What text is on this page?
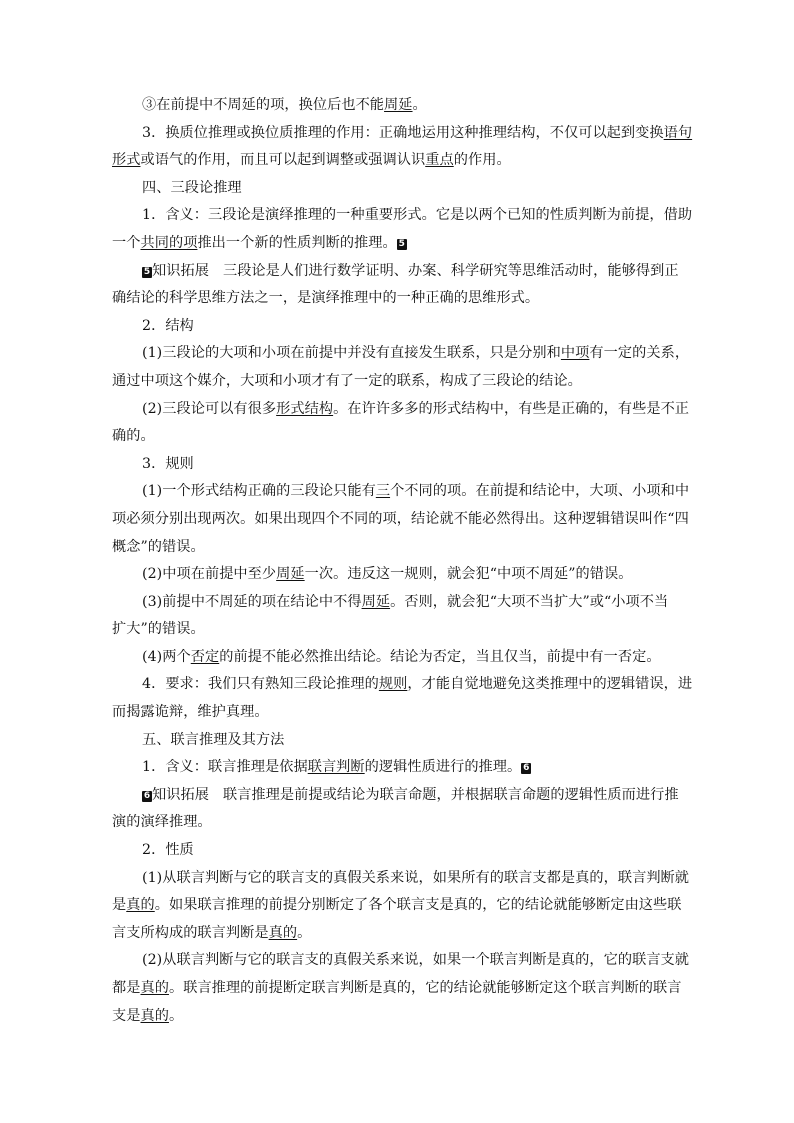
③在前提中不周延的项，换位后也不能周延。
3．换质位推理或换位质推理的作用：正确地运用这种推理结构，不仅可以起到变换语句
形式或语气的作用，而且可以起到调整或强调认识重点的作用。
四、三段论推理
1．含义：三段论是演绎推理的一种重要形式。它是以两个已知的性质判断为前提，借助
一个共同的项推出一个新的性质判断的推理。 5
5 知识拓展 三段论是人们进行数学证明、办案、科学研究等思维活动时，能够得到正
确结论的科学思维方法之一，是演绎推理中的一种正确的思维形式。
2．结构
(1)三段论的大项和小项在前提中并没有直接发生联系，只是分别和中项有一定的关系，
通过中项这个媒介，大项和小项才有了一定的联系，构成了三段论的结论。
(2)三段论可以有很多形式结构。在许许多多的形式结构中，有些是正确的，有些是不正
确的。
3．规则
(1)一个形式结构正确的三段论只能有三个不同的项。在前提和结论中，大项、小项和中
项必须分别出现两次。如果出现四个不同的项，结论就不能必然得出。这种逻辑错误叫作“四
概念”的错误。
(2)中项在前提中至少周延一次。违反这一规则，就会犯“中项不周延”的错误。
(3)前提中不周延的项在结论中不得周延。否则，就会犯“大项不当扩大”或“小项不当
扩大”的错误。
(4)两个否定的前提不能必然推出结论。结论为否定，当且仅当，前提中有一否定。
4．要求：我们只有熟知三段论推理的规则，才能自觉地避免这类推理中的逻辑错误，进
而揭露诡辩，维护真理。
五、联言推理及其方法
1．含义：联言推理是依据联言判断的逻辑性质进行的推理。 6
6 知识拓展 联言推理是前提或结论为联言命题，并根据联言命题的逻辑性质而进行推
演的演绎推理。
2．性质
(1)从联言判断与它的联言支的真假关系来说，如果所有的联言支都是真的，联言判断就
是真的。如果联言推理的前提分别断定了各个联言支是真的，它的结论就能够断定由这些联
言支所构成的联言判断是真的。
(2)从联言判断与它的联言支的真假关系来说，如果一个联言判断是真的，它的联言支就
都是真的。联言推理的前提断定联言判断是真的，它的结论就能够断定这个联言判断的联言
支是真的。
